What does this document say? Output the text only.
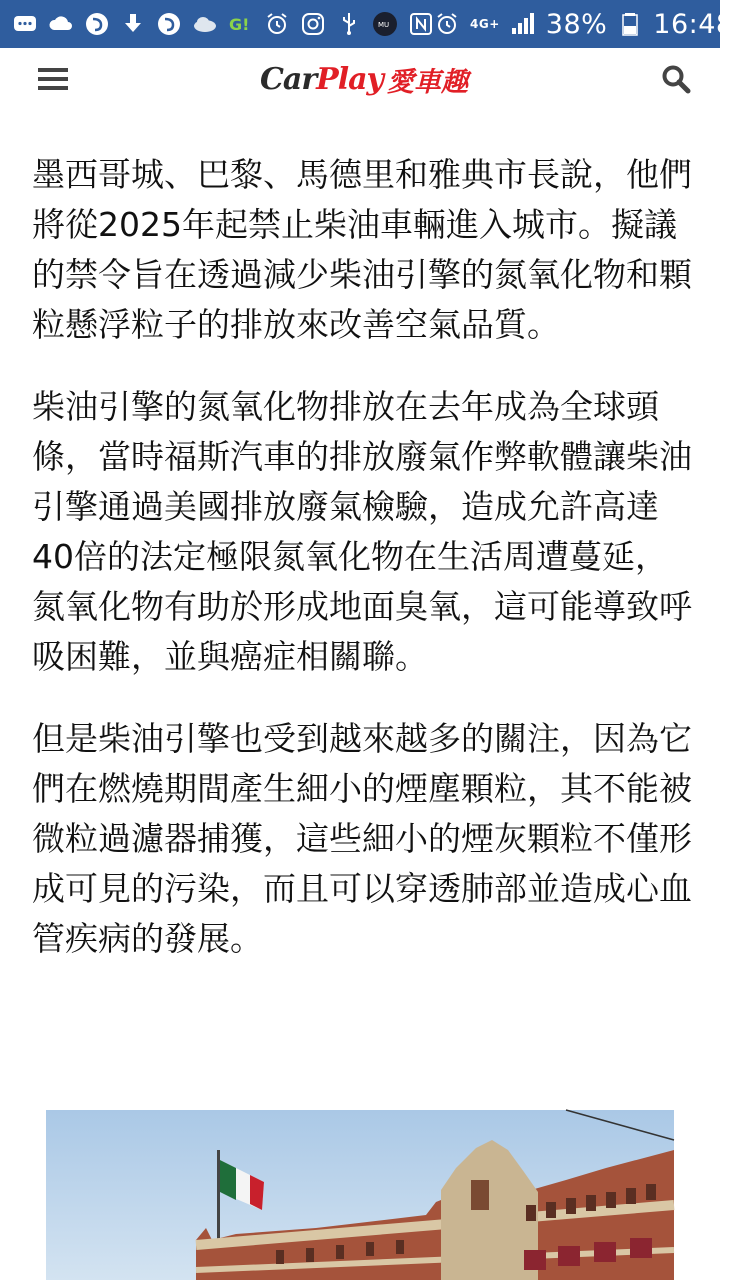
G!	MU	4G+ 38% 16:48
CarPlay 愛車趣

墨西哥城、巴黎、馬德里和雅典市長說，他們將從2025年起禁止柴油車輛進入城市。擬議的禁令旨在透過減少柴油引擎的氮氧化物和顆粒懸浮粒子的排放來改善空氣品質。

柴油引擎的氮氧化物排放在去年成為全球頭條，當時福斯汽車的排放廢氣作弊軟體讓柴油引擎通過美國排放廢氣檢驗，造成允許高達40倍的法定極限氮氧化物在生活周遭蔓延，氮氧化物有助於形成地面臭氧，這可能導致呼吸困難，並與癌症相關聯。

但是柴油引擎也受到越來越多的關注，因為它們在燃燒期間產生細小的煙塵顆粒，其不能被微粒過濾器捕獲，這些細小的煙灰顆粒不僅形成可見的污染，而且可以穿透肺部並造成心血管疾病的發展。
